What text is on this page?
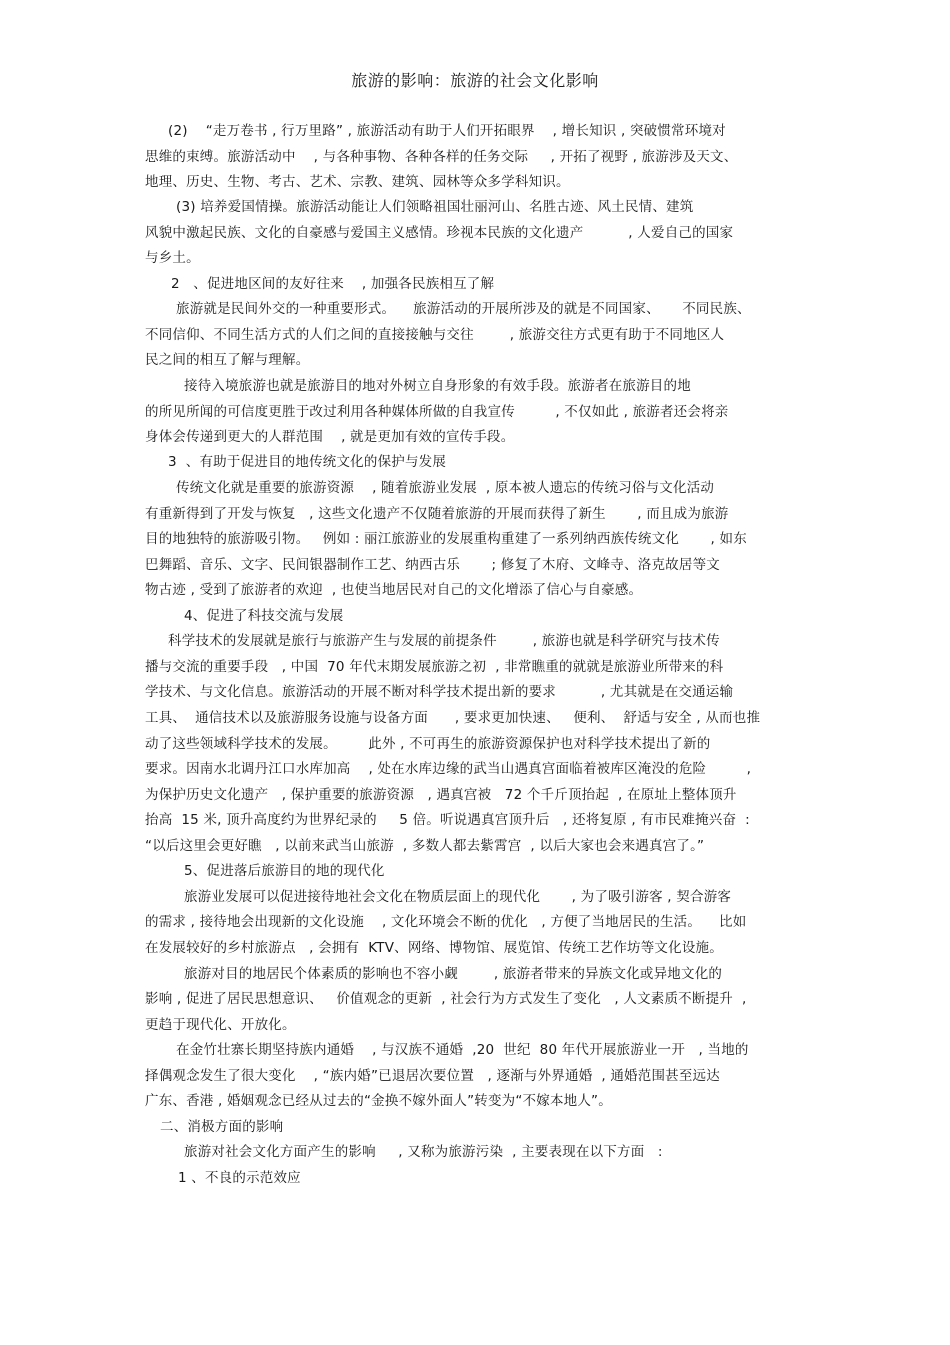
旅游的影响：旅游的社会文化影响
(2)    “走万卷书 , 行万里路” , 旅游活动有助于人们开拓眼界    , 增长知识 , 突破惯常环境对
思维的束缚。旅游活动中    , 与各种事物、各种各样的任务交际     , 开拓了视野 , 旅游涉及天文、
地理、历史、生物、考古、艺术、宗教、建筑、园林等众多学科知识。
(3) 培养爱国情操。旅游活动能让人们领略祖国壮丽河山、名胜古迹、风土民情、建筑
风貌中激起民族、文化的自豪感与爱国主义感情。珍视本民族的文化遗产          , 人爱自己的国家
与乡土。
2   、促进地区间的友好往来    , 加强各民族相互了解
旅游就是民间外交的一种重要形式。    旅游活动的开展所涉及的就是不同国家、     不同民族、
不同信仰、不同生活方式的人们之间的直接接触与交往        , 旅游交往方式更有助于不同地区人
民之间的相互了解与理解。
接待入境旅游也就是旅游目的地对外树立自身形象的有效手段。旅游者在旅游目的地
的所见所闻的可信度更胜于改过利用各种媒体所做的自我宣传         , 不仅如此 , 旅游者还会将亲
身体会传递到更大的人群范围    , 就是更加有效的宣传手段。
3  、有助于促进目的地传统文化的保护与发展
传统文化就是重要的旅游资源    , 随着旅游业发展  , 原本被人遗忘的传统习俗与文化活动
有重新得到了开发与恢复   , 这些文化遗产不仅随着旅游的开展而获得了新生       , 而且成为旅游
目的地独特的旅游吸引物。   例如 : 丽江旅游业的发展重构重建了一系列纳西族传统文化       , 如东
巴舞蹈、音乐、文字、民间银器制作工艺、纳西古乐       ; 修复了木府、文峰寺、洛克故居等文
物古迹 , 受到了旅游者的欢迎  , 也使当地居民对自己的文化增添了信心与自豪感。
4、促进了科技交流与发展
科学技术的发展就是旅行与旅游产生与发展的前提条件        , 旅游也就是科学研究与技术传
播与交流的重要手段   , 中国  70 年代末期发展旅游之初  , 非常瞧重的就就是旅游业所带来的科
学技术、与文化信息。旅游活动的开展不断对科学技术提出新的要求          , 尤其就是在交通运输
工具、  通信技术以及旅游服务设施与设备方面      , 要求更加快速、   便利、  舒适与安全 , 从而也推
动了这些领域科学技术的发展。       此外 , 不可再生的旅游资源保护也对科学技术提出了新的
要求。因南水北调丹江口水库加高    , 处在水库边缘的武当山遇真宫面临着被库区淹没的危险         ,
为保护历史文化遗产   , 保护重要的旅游资源   , 遇真宫被   72 个千斤顶抬起  , 在原址上整体顶升
抬高  15 米, 顶升高度约为世界纪录的     5 倍。听说遇真宫顶升后   , 还将复原 , 有市民难掩兴奋  :
“以后这里会更好瞧   , 以前来武当山旅游  , 多数人都去紫霄宫  , 以后大家也会来遇真宫了。”
5、促进落后旅游目的地的现代化
旅游业发展可以促进接待地社会文化在物质层面上的现代化       , 为了吸引游客 , 契合游客
的需求 , 接待地会出现新的文化设施    , 文化环境会不断的优化   , 方便了当地居民的生活。    比如
在发展较好的乡村旅游点   , 会拥有  KTV、网络、博物馆、展览馆、传统工艺作坊等文化设施。
旅游对目的地居民个体素质的影响也不容小觑        , 旅游者带来的异族文化或异地文化的
影响 , 促进了居民思想意识、   价值观念的更新  , 社会行为方式发生了变化   , 人文素质不断提升  ,
更趋于现代化、开放化。
在金竹壮寨长期坚持族内通婚    , 与汉族不通婚  ,20  世纪  80 年代开展旅游业一开   , 当地的
择偶观念发生了很大变化    , “族内婚”已退居次要位置   , 逐渐与外界通婚  , 通婚范围甚至远达
广东、香港 , 婚姻观念已经从过去的“金换不嫁外面人”转变为“不嫁本地人”。
二、消极方面的影响
旅游对社会文化方面产生的影响     , 又称为旅游污染  , 主要表现在以下方面   :
1 、不良的示范效应
